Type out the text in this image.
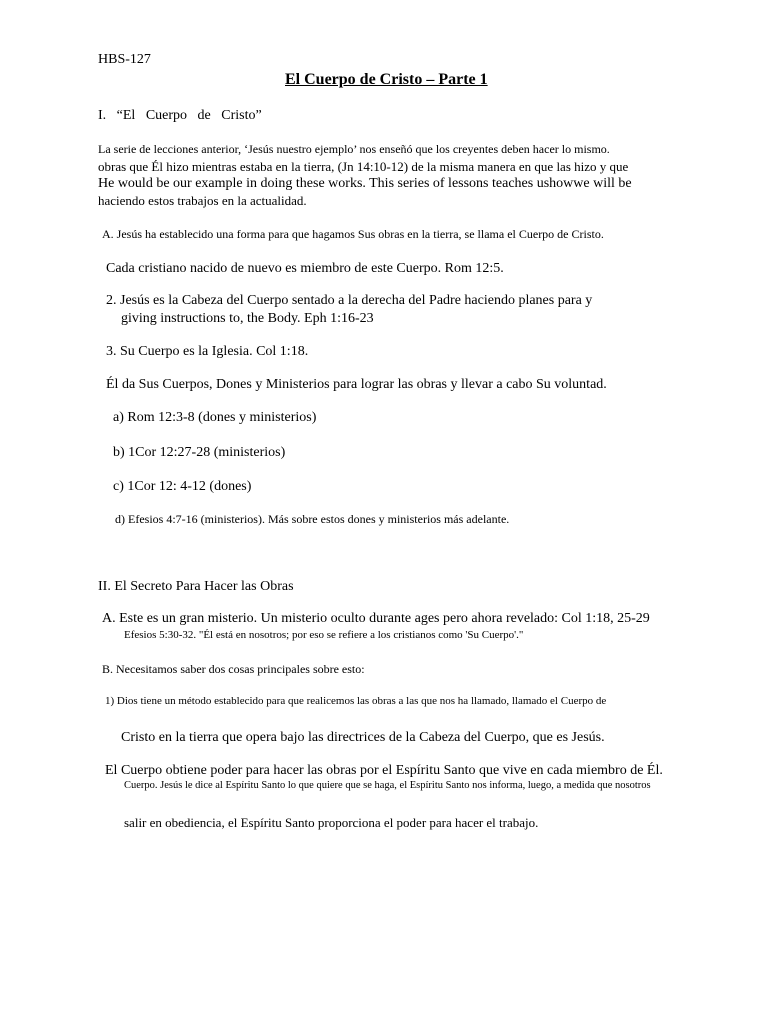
HBS-127
El Cuerpo de Cristo – Parte 1
I.   “El   Cuerpo   de   Cristo”
La serie de lecciones anterior, ‘Jesús nuestro ejemplo’ nos enseñó que los creyentes deben hacer lo mismo.
obras que Él hizo mientras estaba en la tierra, (Jn 14:10-12) de la misma manera en que las hizo y que
He would be our example in doing these works. This series of lessons teaches ushowwe will be
haciendo estos trabajos en la actualidad.
A. Jesús ha establecido una forma para que hagamos Sus obras en la tierra, se llama el Cuerpo de Cristo.
Cada cristiano nacido de nuevo es miembro de este Cuerpo. Rom 12:5.
2. Jesús es la Cabeza del Cuerpo sentado a la derecha del Padre haciendo planes para y
giving instructions to, the Body. Eph 1:16-23
3. Su Cuerpo es la Iglesia. Col 1:18.
Él da Sus Cuerpos, Dones y Ministerios para lograr las obras y llevar a cabo Su voluntad.
a) Rom 12:3-8 (dones y ministerios)
b) 1Cor 12:27-28 (ministerios)
c) 1Cor 12: 4-12 (dones)
d) Efesios 4:7-16 (ministerios). Más sobre estos dones y ministerios más adelante.
II. El Secreto Para Hacer las Obras
A. Este es un gran misterio. Un misterio oculto durante ages pero ahora revelado: Col 1:18, 25-29
Efesios 5:30-32. "Él está en nosotros; por eso se refiere a los cristianos como 'Su Cuerpo'."
B. Necesitamos saber dos cosas principales sobre esto:
1) Dios tiene un método establecido para que realicemos las obras a las que nos ha llamado, llamado el Cuerpo de
Cristo en la tierra que opera bajo las directrices de la Cabeza del Cuerpo, que es Jesús.
El Cuerpo obtiene poder para hacer las obras por el Espíritu Santo que vive en cada miembro de Él.
Cuerpo. Jesús le dice al Espíritu Santo lo que quiere que se haga, el Espíritu Santo nos informa, luego, a medida que nosotros
salir en obediencia, el Espíritu Santo proporciona el poder para hacer el trabajo.
